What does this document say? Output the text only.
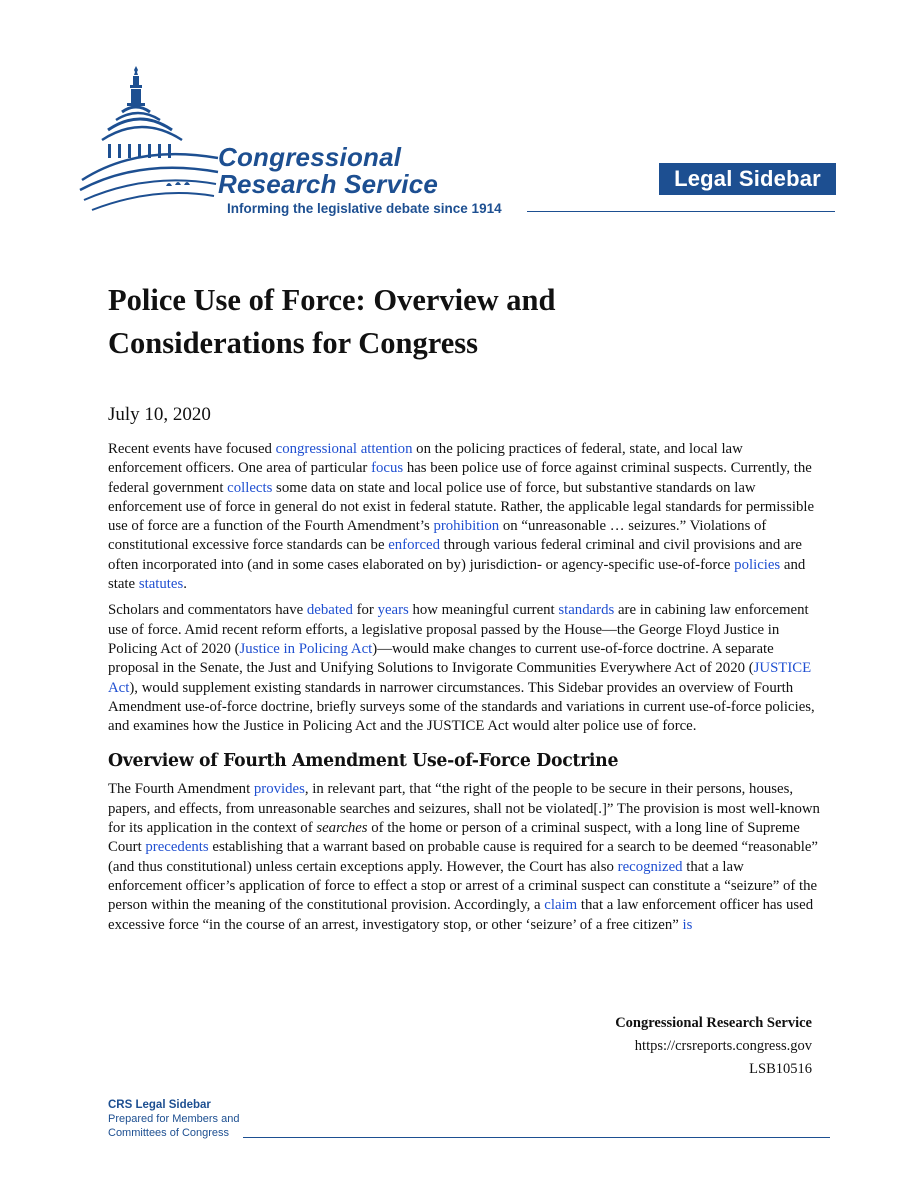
Congressional
Research Service
Informing the legislative debate since 1914
Legal Sidebar
Police Use of Force: Overview and Considerations for Congress
July 10, 2020

Recent events have focused congressional attention on the policing practices of federal, state, and local law enforcement officers. One area of particular focus has been police use of force against criminal suspects. Currently, the federal government collects some data on state and local police use of force, but substantive standards on law enforcement use of force in general do not exist in federal statute. Rather, the applicable legal standards for permissible use of force are a function of the Fourth Amendment’s prohibition on “unreasonable … seizures.” Violations of constitutional excessive force standards can be enforced through various federal criminal and civil provisions and are often incorporated into (and in some cases elaborated on by) jurisdiction- or agency-specific use-of-force policies and state statutes.

Scholars and commentators have debated for years how meaningful current standards are in cabining law enforcement use of force. Amid recent reform efforts, a legislative proposal passed by the House—the George Floyd Justice in Policing Act of 2020 (Justice in Policing Act)—would make changes to current use-of-force doctrine. A separate proposal in the Senate, the Just and Unifying Solutions to Invigorate Communities Everywhere Act of 2020 (JUSTICE Act), would supplement existing standards in narrower circumstances. This Sidebar provides an overview of Fourth Amendment use-of-force doctrine, briefly surveys some of the standards and variations in current use-of-force policies, and examines how the Justice in Policing Act and the JUSTICE Act would alter police use of force.

Overview of Fourth Amendment Use-of-Force Doctrine

The Fourth Amendment provides, in relevant part, that “the right of the people to be secure in their persons, houses, papers, and effects, from unreasonable searches and seizures, shall not be violated[.]” The provision is most well-known for its application in the context of searches of the home or person of a criminal suspect, with a long line of Supreme Court precedents establishing that a warrant based on probable cause is required for a search to be deemed “reasonable” (and thus constitutional) unless certain exceptions apply. However, the Court has also recognized that a law enforcement officer’s application of force to effect a stop or arrest of a criminal suspect can constitute a “seizure” of the person within the meaning of the constitutional provision. Accordingly, a claim that a law enforcement officer has used excessive force “in the course of an arrest, investigatory stop, or other ‘seizure’ of a free citizen” is

Congressional Research Service
https://crsreports.congress.gov
LSB10516
CRS Legal Sidebar
Prepared for Members and
Committees of Congress
